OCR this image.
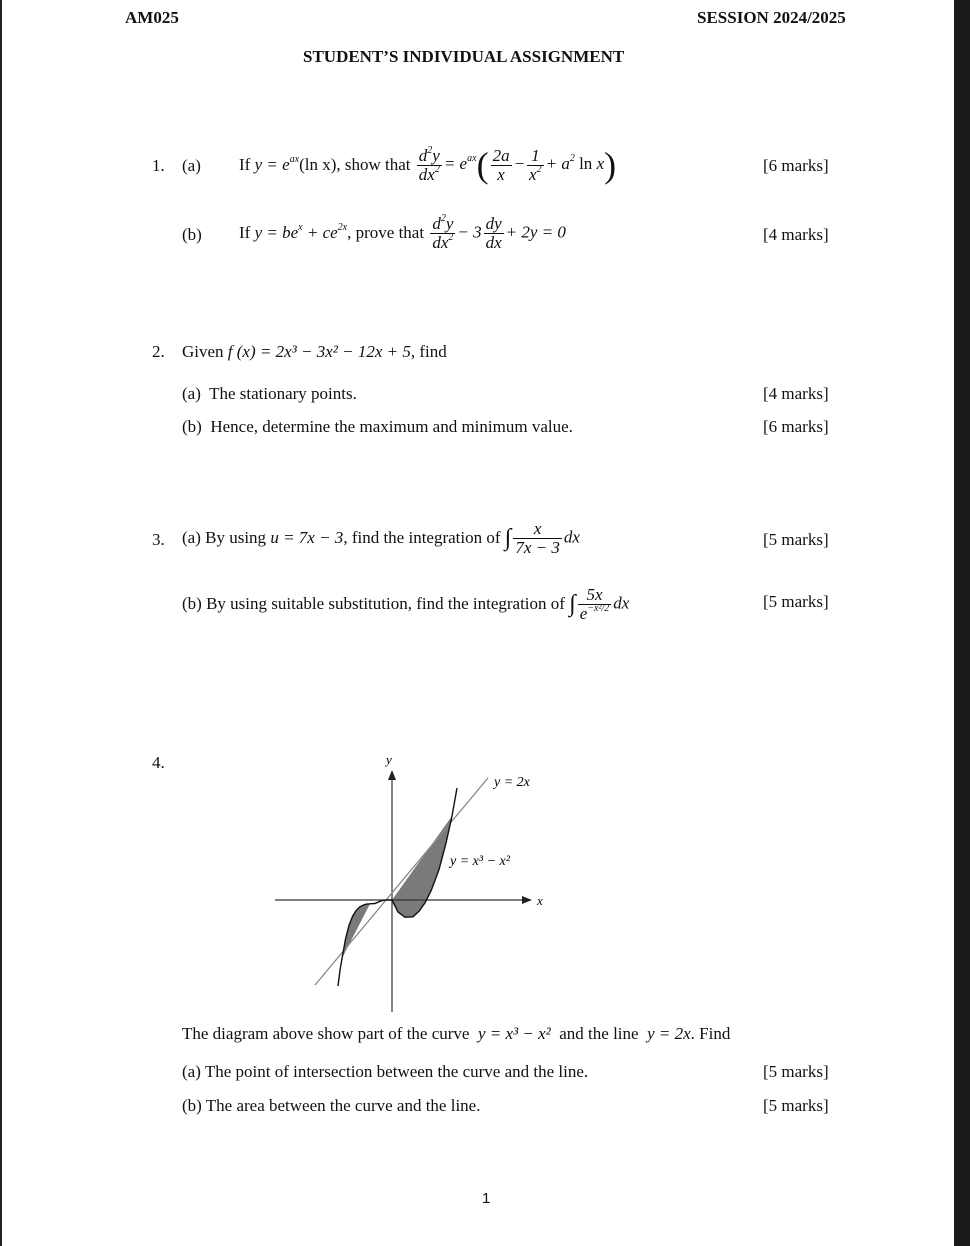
AM025	SESSION 2024/2025
STUDENT’S INDIVIDUAL ASSIGNMENT
1. (a) If
$y = e^{ax}(\ln$ x) , show that
$\frac{d^2y}{dx^2} = e^{ax}( \frac{2a}{x} - \frac{1}{x^2} + a^2$ ln x)	[6 marks]
(b) If
$y = be^x + ce^{2x}$ , prove that
$\frac{d^2y}{dx^2} - 3 \frac{dy}{dx} + 2y = 0$	[4 marks]
2. Given f (x) = 2x³ − 3x² − 12x + 5, find
(a) The stationary points.	[4 marks]
(b) Hence, determine the maximum and minimum value.	[6 marks]
3. (a)
By using
u = 7x − 3 , find the integration of
∫ $\frac{x}{7x - 3}$ dx	[5 marks]
(b)
By using suitable substitution, find the integration of
∫ $\frac{5x}{e^{-x^2/2}}$ dx	[5 marks]
4.	y
x
y = 2x
y = x³ − x²
The diagram above show part of the curve y = x³ − x² and the line y = 2x. Find
(a) The point of intersection between the curve and the line.	[5 marks]
(b) The area between the curve and the line.	[5 marks]
1
